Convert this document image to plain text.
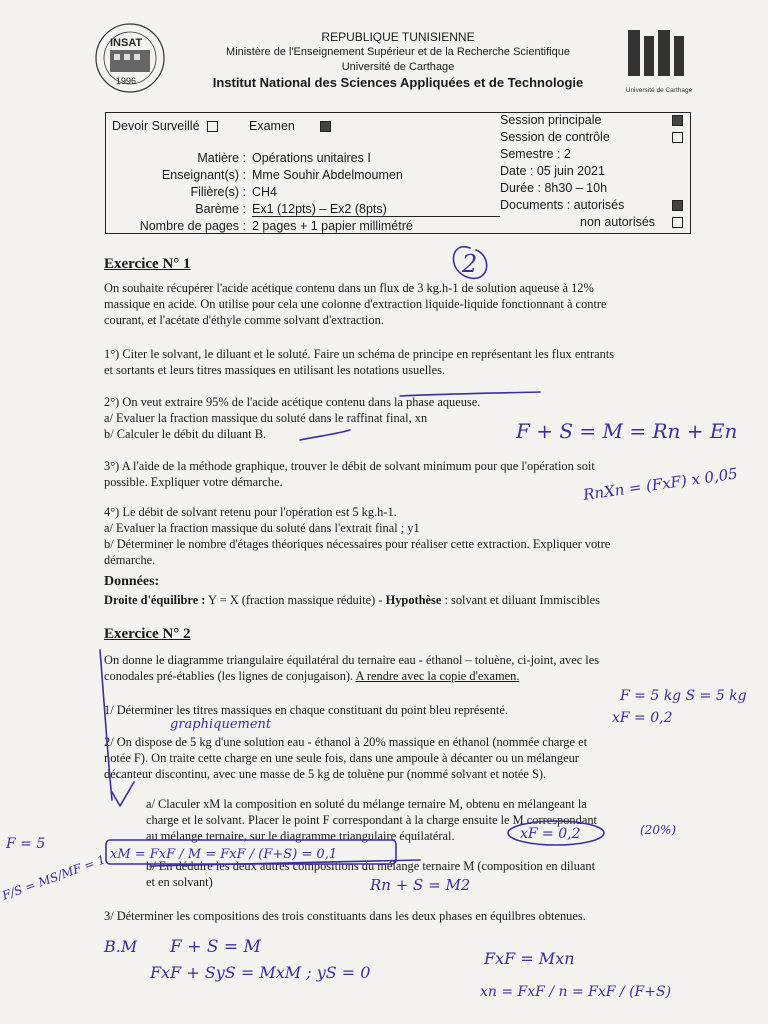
INSAT
1996
REPUBLIQUE TUNISIENNE
Ministère de l'Enseignement Supérieur et de la Recherche Scientifique
Université de Carthage
Institut National des Sciences Appliquées et de Technologie
Université de Carthage
Devoir Surveillé	Examen
Matière : Opérations unitaires I
Enseignant(s) : Mme Souhir Abdelmoumen
Filière(s) : CH4
Barème : Ex1 (12pts) – Ex2 (8pts)
Nombre de pages : 2 pages + 1 papier millimétré
Session principale
Session de contrôle
Semestre : 2
Date : 05 juin 2021
Durée : 8h30 – 10h
Documents : autorisés
non autorisés
Exercice N° 1
On souhaite récupérer l'acide acétique contenu dans un flux de 3 kg.h-1 de solution aqueuse à 12%
massique en acide. On utilise pour cela une colonne d'extraction liquide-liquide fonctionnant à contre
courant, et l'acétate d'éthyle comme solvant d'extraction.
1°) Citer le solvant, le diluant et le soluté. Faire un schéma de principe en représentant les flux entrants
et sortants et leurs titres massiques en utilisant les notations usuelles.
2°) On veut extraire 95% de l'acide acétique contenu dans la phase aqueuse.
a/ Evaluer la fraction massique du soluté dans le raffinat final, xn
b/ Calculer le débit du diluant B.
3°) A l'aide de la méthode graphique, trouver le débit de solvant minimum pour que l'opération soit
possible. Expliquer votre démarche.
4°) Le débit de solvant retenu pour l'opération est 5 kg.h-1.
a/ Evaluer la fraction massique du soluté dans l'extrait final ; y1
b/ Déterminer le nombre d'étages théoriques nécessaires pour réaliser cette extraction. Expliquer votre
démarche.
Données:
Droite d'équilibre : Y = X (fraction massique réduite) - Hypothèse : solvant et diluant Immiscibles
Exercice N° 2
On donne le diagramme triangulaire équilatéral du ternaire eau - éthanol – toluène, ci-joint, avec les
conodales pré-établies (les lignes de conjugaison). A rendre avec la copie d'examen.
1/ Déterminer les titres massiques en chaque constituant du point bleu représenté.
2/ On dispose de 5 kg d'une solution eau - éthanol à 20% massique en éthanol (nommée charge et
notée F). On traite cette charge en une seule fois, dans une ampoule à décanter ou un mélangeur
décanteur discontinu, avec une masse de 5 kg de toluène pur (nommé solvant et notée S).
a/ Claculer xM la composition en soluté du mélange ternaire M, obtenu en mélangeant la
charge et le solvant. Placer le point F correspondant à la charge ensuite le M correspondant
au mélange ternaire, sur le diagramme triangulaire équilatéral.
b/ En déduire les deux autres compositions du mélange ternaire M (composition en diluant
et en solvant)
3/ Déterminer les compositions des trois constituants dans les deux phases en équilbres obtenues.
2
F + S = M = Rn + En
RnXn = (FxF) x 0,05
F = 5 kg S = 5 kg
xF = 0,2
graphiquement
xM = FxF / M = FxF / (F+S) = 0,1
xF = 0,2	(20%)
Rn + S = M2
F = 5
F/S = MS/MF = 1
B.M F + S = M
FxF + SyS = MxM ; yS = 0
FxF = Mxn
xn = FxF / n = FxF / (F+S)
